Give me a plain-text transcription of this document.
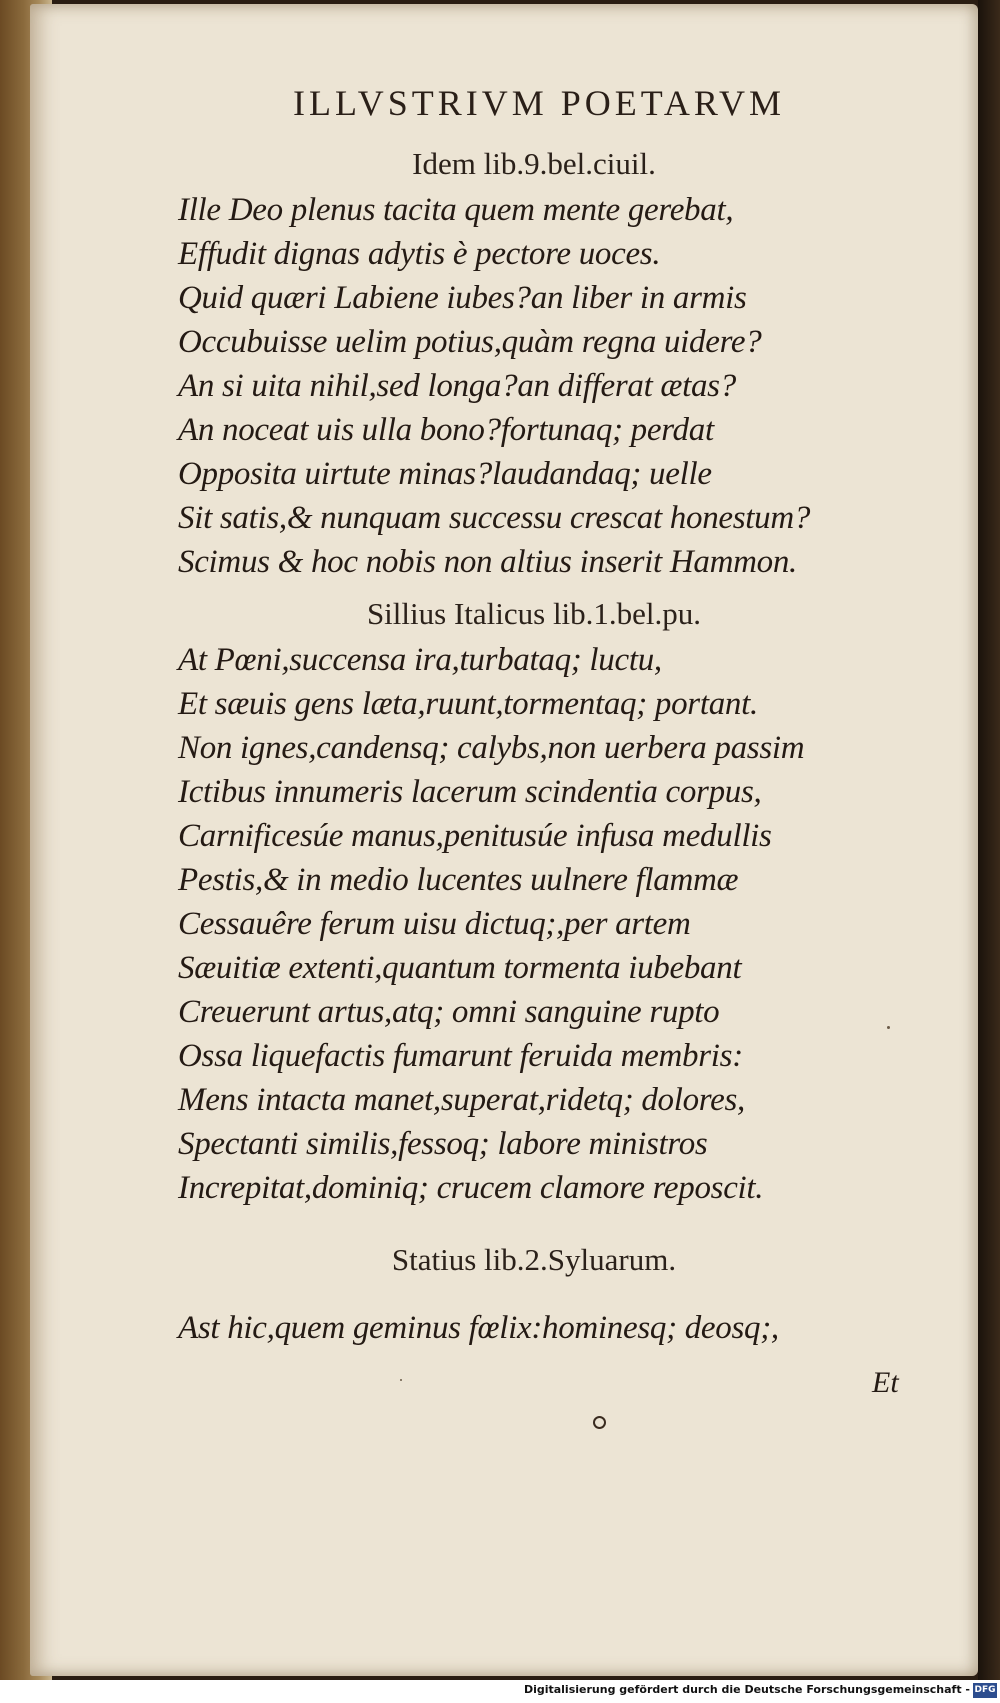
ILLVSTRIVM POETARVM
Idem lib.9.bel.ciuil.
Ille Deo plenus tacita quem mente gerebat,
Effudit dignas adytis è pectore uoces.
Quid quæri Labiene iubes?an liber in armis
Occubuisse uelim potius,quàm regna uidere?
An si uita nihil,sed longa?an differat ætas?
An noceat uis ulla bono?fortunaq; perdat
Opposita uirtute minas?laudandaq; uelle
Sit satis,& nunquam successu crescat honestum?
Scimus & hoc nobis non altius inserit Hammon.
Sillius Italicus lib.1.bel.pu.
At Pœni,succensa ira,turbataq; luctu,
Et sæuis gens læta,ruunt,tormentaq; portant.
Non ignes,candensq; calybs,non uerbera passim
Ictibus innumeris lacerum scindentia corpus,
Carnificesúe manus,penitusúe infusa medullis
Pestis,& in medio lucentes uulnere flammæ
Cessauêre ferum uisu dictuq;,per artem
Sæuitiæ extenti,quantum tormenta iubebant
Creuerunt artus,atq; omni sanguine rupto
Ossa liquefactis fumarunt feruida membris:
Mens intacta manet,superat,ridetq; dolores,
Spectanti similis,fessoq; labore ministros
Increpitat,dominiq; crucem clamore reposcit.
Statius lib.2.Syluarum.
Ast hic,quem geminus fœlix:hominesq; deosq;,
Et
Digitalisierung gefördert durch die Deutsche Forschungsgemeinschaft - DFG
